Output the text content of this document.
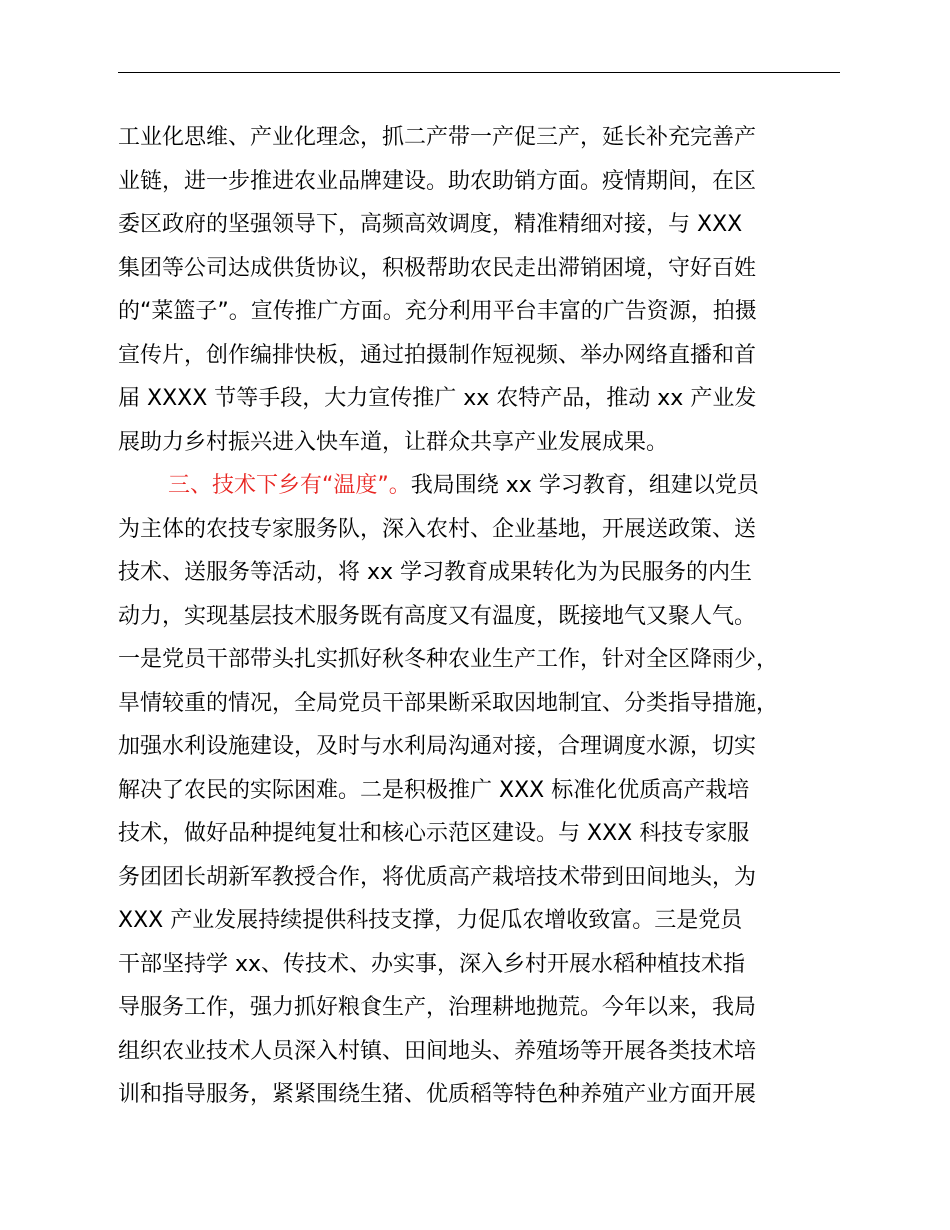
工业化思维、产业化理念，抓二产带一产促三产，延长补充完善产
业链，进一步推进农业品牌建设。助农助销方面。疫情期间，在区
委区政府的坚强领导下，高频高效调度，精准精细对接，与 XXX
集团等公司达成供货协议，积极帮助农民走出滞销困境，守好百姓
的“菜篮子”。宣传推广方面。充分利用平台丰富的广告资源，拍摄
宣传片，创作编排快板，通过拍摄制作短视频、举办网络直播和首
届 XXXX 节等手段，大力宣传推广 xx 农特产品，推动 xx 产业发
展助力乡村振兴进入快车道，让群众共享产业发展成果。
三、技术下乡有“温度”。我局围绕 xx 学习教育，组建以党员
为主体的农技专家服务队，深入农村、企业基地，开展送政策、送
技术、送服务等活动，将 xx 学习教育成果转化为为民服务的内生
动力，实现基层技术服务既有高度又有温度，既接地气又聚人气。
一是党员干部带头扎实抓好秋冬种农业生产工作，针对全区降雨少，
旱情较重的情况，全局党员干部果断采取因地制宜、分类指导措施，
加强水利设施建设，及时与水利局沟通对接，合理调度水源，切实
解决了农民的实际困难。二是积极推广 XXX 标准化优质高产栽培
技术，做好品种提纯复壮和核心示范区建设。与 XXX 科技专家服
务团团长胡新军教授合作，将优质高产栽培技术带到田间地头，为
XXX 产业发展持续提供科技支撑，力促瓜农增收致富。三是党员
干部坚持学 xx、传技术、办实事，深入乡村开展水稻种植技术指
导服务工作，强力抓好粮食生产，治理耕地抛荒。今年以来，我局
组织农业技术人员深入村镇、田间地头、养殖场等开展各类技术培
训和指导服务，紧紧围绕生猪、优质稻等特色种养殖产业方面开展
